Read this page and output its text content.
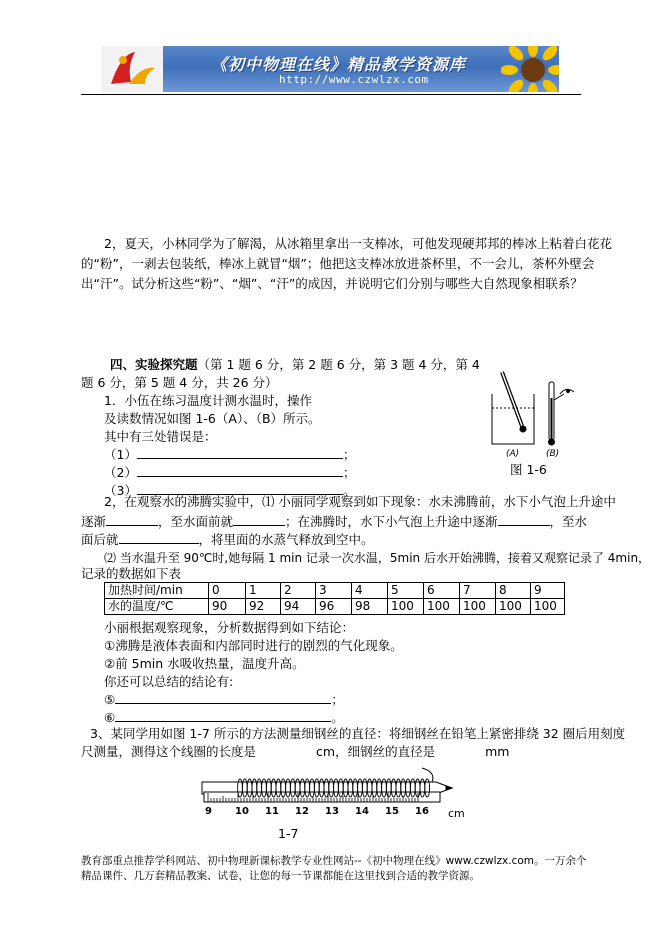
《初中物理在线》精品教学资源库
http://www.czwlzx.com
2，夏天，小林同学为了解渴，从冰箱里拿出一支棒冰，可他发现硬邦邦的棒冰上粘着白花花
的“粉”，一剥去包装纸，棒冰上就冒“烟”；他把这支棒冰放进茶杯里，不一会儿，茶杯外壁会
出“汗”。试分析这些“粉”、“烟”、“汗”的成因，并说明它们分别与哪些大自然现象相联系？
四、实验探究题（第 1 题 6 分，第 2 题 6 分，第 3 题 4 分，第 4
题 6 分，第 5 题 4 分，共 26 分）
1．小伍在练习温度计测水温时，操作
及读数情况如图 1-6（A）、（B）所示。
其中有三处错误是：
（1）	；
（2）	；
（3）	。
(A)	(B)
图 1-6
2，在观察水的沸腾实验中，⑴ 小丽同学观察到如下现象：水未沸腾前，水下小气泡上升途中
逐渐	，至水面前就	；在沸腾时，水下小气泡上升途中逐渐	，至水
面后就	，将里面的水蒸气释放到空中。
⑵ 当水温升至 90℃时,她每隔 1 min 记录一次水温，5min 后水开始沸腾，接着又观察记录了 4min，
记录的数据如下表
加热时间/min	0	1	2	3	4	5	6	7	8	9
水的温度/℃	90	92	94	96	98	100	100	100	100	100
小丽根据观察现象，分析数据得到如下结论：
①沸腾是液体表面和内部同时进行的剧烈的气化现象。
②前 5min 水吸收热量，温度升高。
你还可以总结的结论有:
⑤	；
⑥	。
3、某同学用如图 1-7 所示的方法测量细钢丝的直径：将细钢丝在铅笔上紧密排绕 32 圈后用刻度
尺测量，测得这个线圈的长度是	cm，细钢丝的直径是	mm
9 10 11 12 13 14 15 16 cm
1-7
教育部重点推荐学科网站、初中物理新课标教学专业性网站--《初中物理在线》www.czwlzx.com。一万余个精品课件、几万套精品教案、试卷，让您的每一节课都能在这里找到合适的教学资源。
